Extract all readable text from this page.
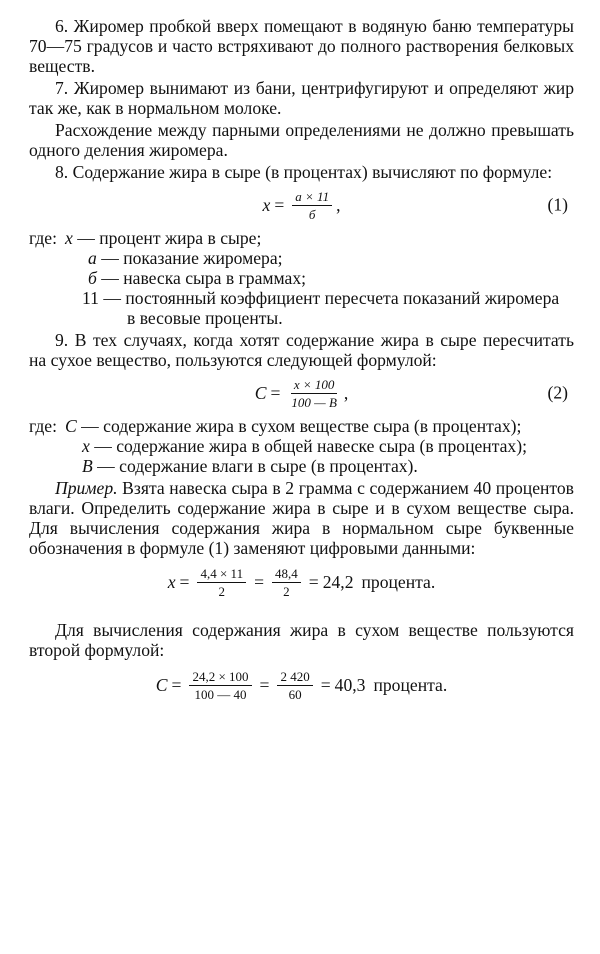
6. Жиромер пробкой вверх помещают в водяную баню температуры 70—75 градусов и часто встряхивают до полного растворения белковых веществ.

7. Жиромер вынимают из бани, центрифугируют и определяют жир так же, как в нормальном молоке.

Расхождение между парными определениями не должно превышать одного деления жиромера.

8. Содержание жира в сыре (в процентах) вычисляют по формуле:

$x = \frac{a \times 11}{б}$ ,	(1)
где: x — процент жира в сыре;
a — показание жиромера;
б — навеска сыра в граммах;
11 — постоянный коэффициент пересчета показаний жиромера
в весовые проценты.

9. В тех случаях, когда хотят содержание жира в сыре пересчитать на сухое вещество, пользуются следующей формулой:

$C = \frac{x \times 100}{100 — B}$ ,	(2)
где: C — содержание жира в сухом веществе сыра (в процентах);
x — содержание жира в общей навеске сыра (в процентах);
B — содержание влаги в сыре (в процентах).

Пример. Взята навеска сыра в 2 грамма с содержанием 40 процентов влаги. Определить содержание жира в сыре и в сухом веществе сыра. Для вычисления содержания жира в нормальном сыре буквенные обозначения в формуле (1) заменяют цифровыми данными:

$x = \frac{4,4 \times 11}{2} = \frac{48,4}{2} = 24,2$ процента.

Для вычисления содержания жира в сухом веществе пользуются второй формулой:

$C = \frac{24,2 \times 100}{100 — 40} = \frac{2 420}{60} = 40,3$ процента.
